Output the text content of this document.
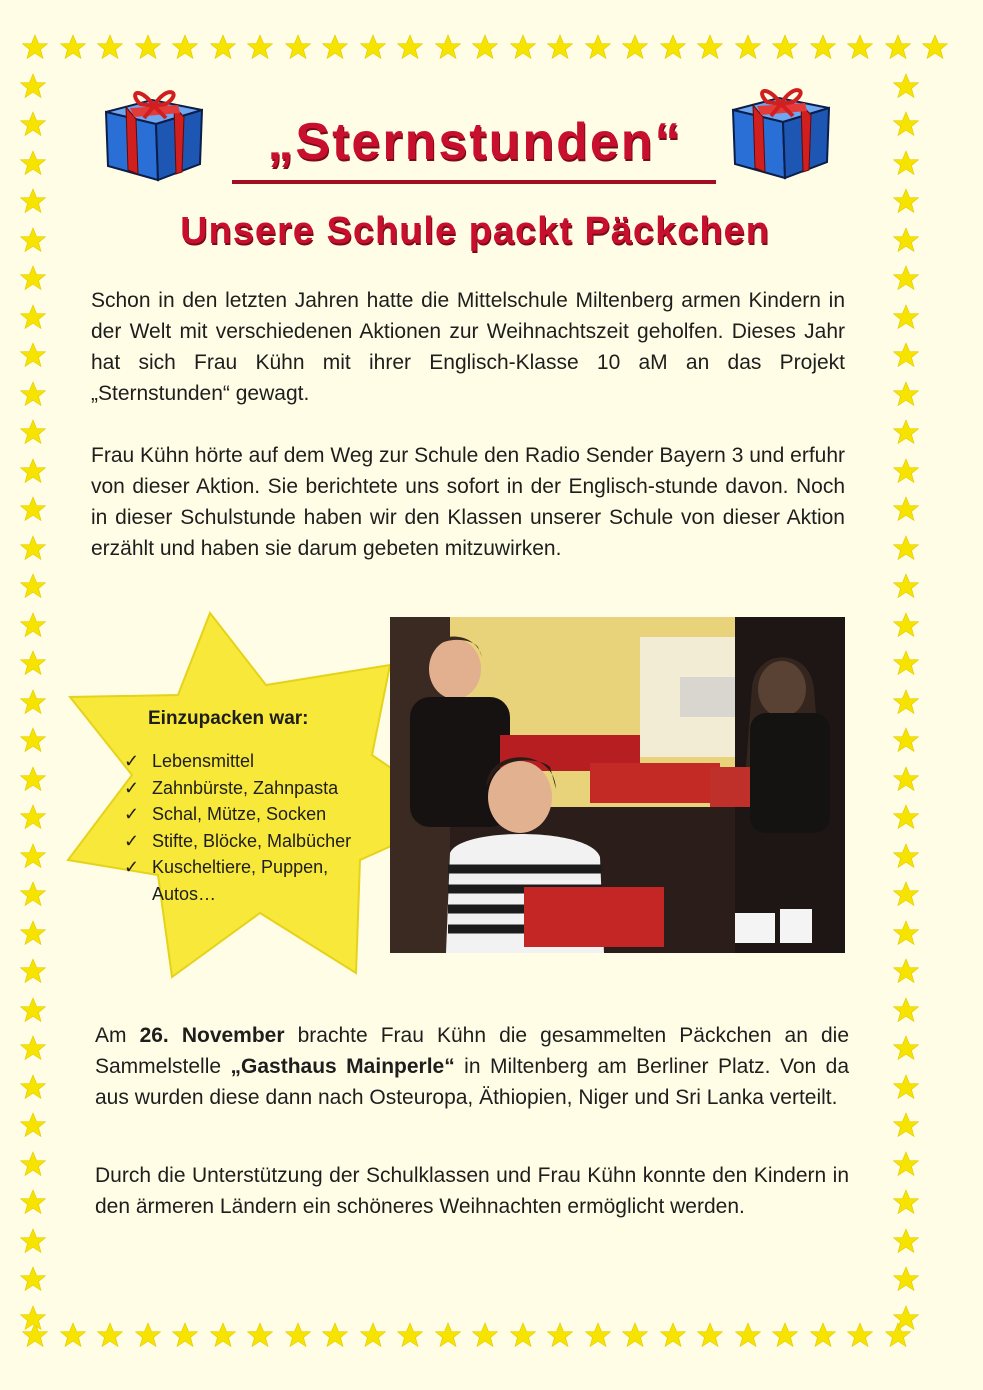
„Sternstunden“
Unsere Schule packt Päckchen

Schon in den letzten Jahren hatte die Mittelschule Miltenberg armen Kindern in der Welt mit verschiedenen Aktionen zur Weihnachtszeit geholfen. Dieses Jahr hat sich Frau Kühn mit ihrer Englisch-Klasse 10 aM an das Projekt „Sternstunden“ gewagt.

Frau Kühn hörte auf dem Weg zur Schule den Radio Sender Bayern 3 und erfuhr von dieser Aktion. Sie berichtete uns sofort in der Englisch-stunde davon. Noch in dieser Schulstunde haben wir den Klassen unserer Schule von dieser Aktion erzählt und haben sie darum gebeten mitzuwirken.

Einzupacken war:
✓ Lebensmittel
✓ Zahnbürste, Zahnpasta
✓ Schal, Mütze, Socken
✓ Stifte, Blöcke, Malbücher
✓ Kuscheltiere, Puppen, Autos…

Am 26. November brachte Frau Kühn die gesammelten Päckchen an die Sammelstelle „Gasthaus Mainperle“ in Miltenberg am Berliner Platz. Von da aus wurden diese dann nach Osteuropa, Äthiopien, Niger und Sri Lanka verteilt.

Durch die Unterstützung der Schulklassen und Frau Kühn konnte den Kindern in den ärmeren Ländern ein schöneres Weihnachten ermöglicht werden.
